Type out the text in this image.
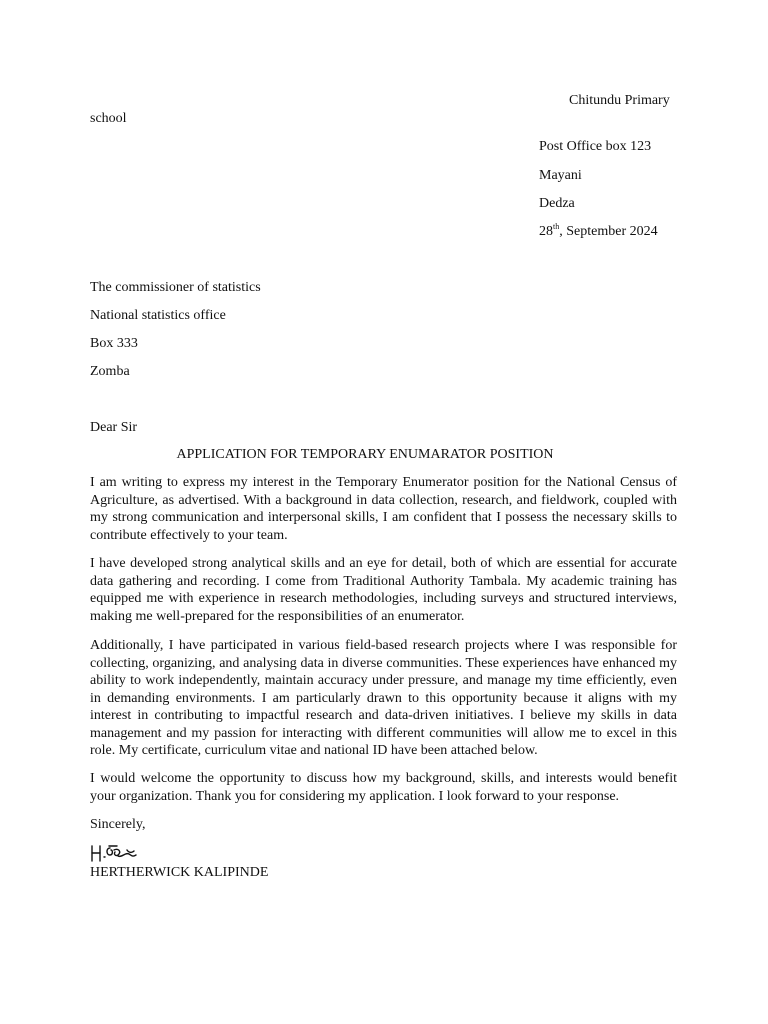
Chitundu Primary
school
Post Office box 123
Mayani
Dedza
28th, September 2024
The commissioner of statistics
National statistics office
Box 333
Zomba
Dear Sir
APPLICATION FOR TEMPORARY ENUMARATOR POSITION

I am writing to express my interest in the Temporary Enumerator position for the National Census of Agriculture, as advertised. With a background in data collection, research, and fieldwork, coupled with my strong communication and interpersonal skills, I am confident that I possess the necessary skills to contribute effectively to your team.

I have developed strong analytical skills and an eye for detail, both of which are essential for accurate data gathering and recording. I come from Traditional Authority Tambala. My academic training has equipped me with experience in research methodologies, including surveys and structured interviews, making me well-prepared for the responsibilities of an enumerator.

Additionally, I have participated in various field-based research projects where I was responsible for collecting, organizing, and analysing data in diverse communities. These experiences have enhanced my ability to work independently, maintain accuracy under pressure, and manage my time efficiently, even in demanding environments. I am particularly drawn to this opportunity because it aligns with my interest in contributing to impactful research and data-driven initiatives. I believe my skills in data management and my passion for interacting with different communities will allow me to excel in this role. My certificate, curriculum vitae and national ID have been attached below.

I would welcome the opportunity to discuss how my background, skills, and interests would benefit your organization. Thank you for considering my application. I look forward to your response.

Sincerely,
HERTHERWICK KALIPINDE
